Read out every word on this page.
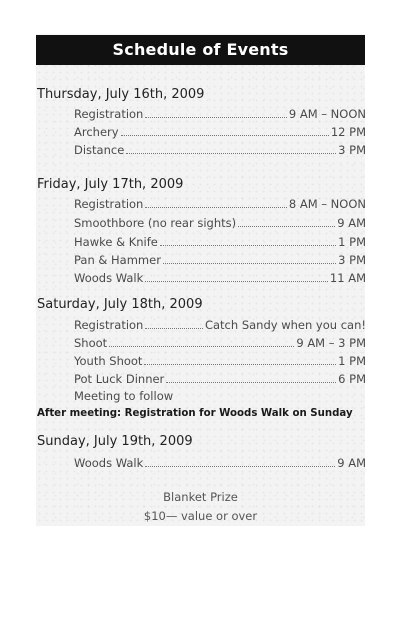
Schedule of Events
Thursday, July 16th, 2009
Registration	9 AM – NOON
Archery	12 PM
Distance	3 PM
Friday, July 17th, 2009
Registration	8 AM – NOON
Smoothbore (no rear sights)	9 AM
Hawke & Knife	1 PM
Pan & Hammer	3 PM
Woods Walk	11 AM
Saturday, July 18th, 2009
Registration	Catch Sandy when you can!
Shoot	9 AM – 3 PM
Youth Shoot	1 PM
Pot Luck Dinner	6 PM
Meeting to follow
After meeting: Registration for Woods Walk on Sunday
Sunday, July 19th, 2009
Woods Walk	9 AM
Blanket Prize
$10— value or over
